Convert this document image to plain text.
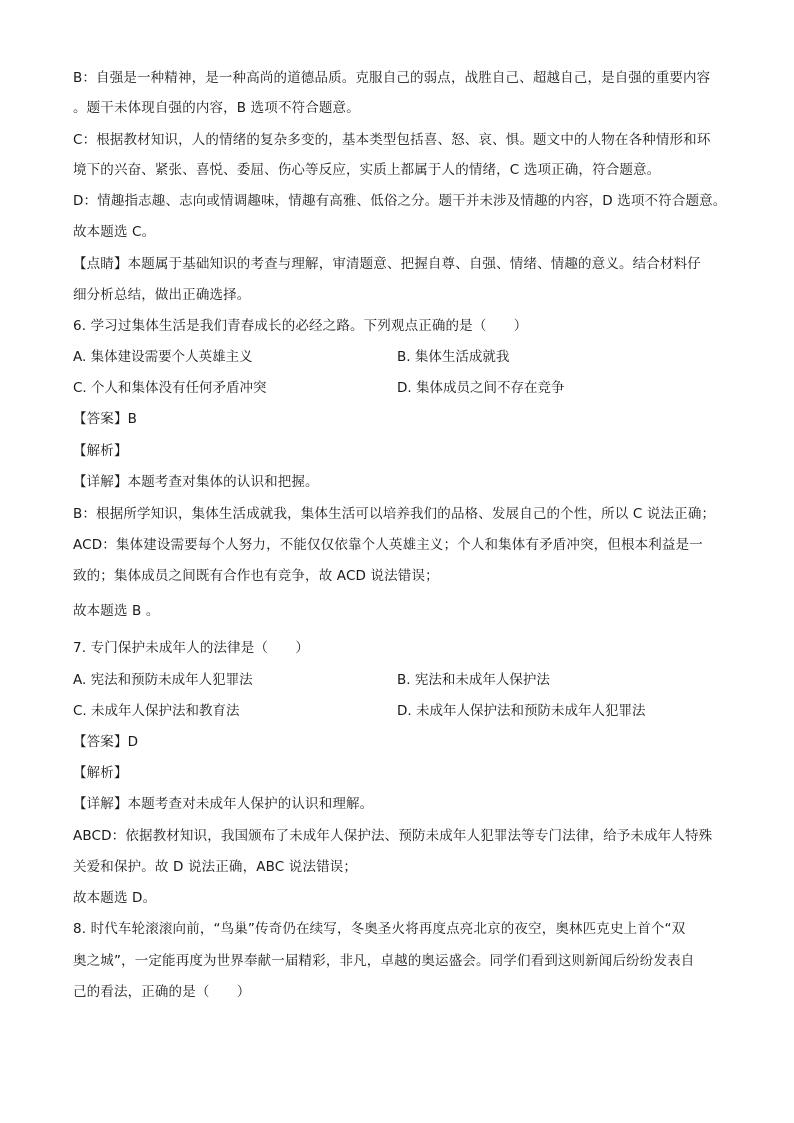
B：自强是一种精神，是一种高尚的道德品质。克服自己的弱点，战胜自己、超越自己，是自强的重要内容
。题干未体现自强的内容，B 选项不符合题意。
C：根据教材知识，人的情绪的复杂多变的，基本类型包括喜、怒、哀、惧。题文中的人物在各种情形和环
境下的兴奋、紧张、喜悦、委屈、伤心等反应，实质上都属于人的情绪，C 选项正确，符合题意。
D：情趣指志趣、志向或情调趣味，情趣有高雅、低俗之分。题干并未涉及情趣的内容，D 选项不符合题意。
故本题选 C。
【点睛】本题属于基础知识的考查与理解，审清题意、把握自尊、自强、情绪、情趣的意义。结合材料仔
细分析总结，做出正确选择。
6. 学习过集体生活是我们青春成长的必经之路。下列观点正确的是（　　）
A. 集体建设需要个人英雄主义	B. 集体生活成就我
C. 个人和集体没有任何矛盾冲突	D. 集体成员之间不存在竞争
【答案】B
【解析】
【详解】本题考查对集体的认识和把握。
B：根据所学知识，集体生活成就我，集体生活可以培养我们的品格、发展自己的个性，所以 C 说法正确；
ACD：集体建设需要每个人努力，不能仅仅依靠个人英雄主义；个人和集体有矛盾冲突，但根本利益是一
致的；集体成员之间既有合作也有竞争，故 ACD 说法错误；
故本题选 B 。
7. 专门保护未成年人的法律是（　　）
A. 宪法和预防未成年人犯罪法	B. 宪法和未成年人保护法
C. 未成年人保护法和教育法	D. 未成年人保护法和预防未成年人犯罪法
【答案】D
【解析】
【详解】本题考查对未成年人保护的认识和理解。
ABCD：依据教材知识，我国颁布了未成年人保护法、预防未成年人犯罪法等专门法律，给予未成年人特殊
关爱和保护。故 D 说法正确，ABC 说法错误；
故本题选 D。
8. 时代车轮滚滚向前，“鸟巢”传奇仍在续写，冬奥圣火将再度点亮北京的夜空，奥林匹克史上首个“双
奥之城”，一定能再度为世界奉献一届精彩，非凡，卓越的奥运盛会。同学们看到这则新闻后纷纷发表自
己的看法，正确的是（　　）
